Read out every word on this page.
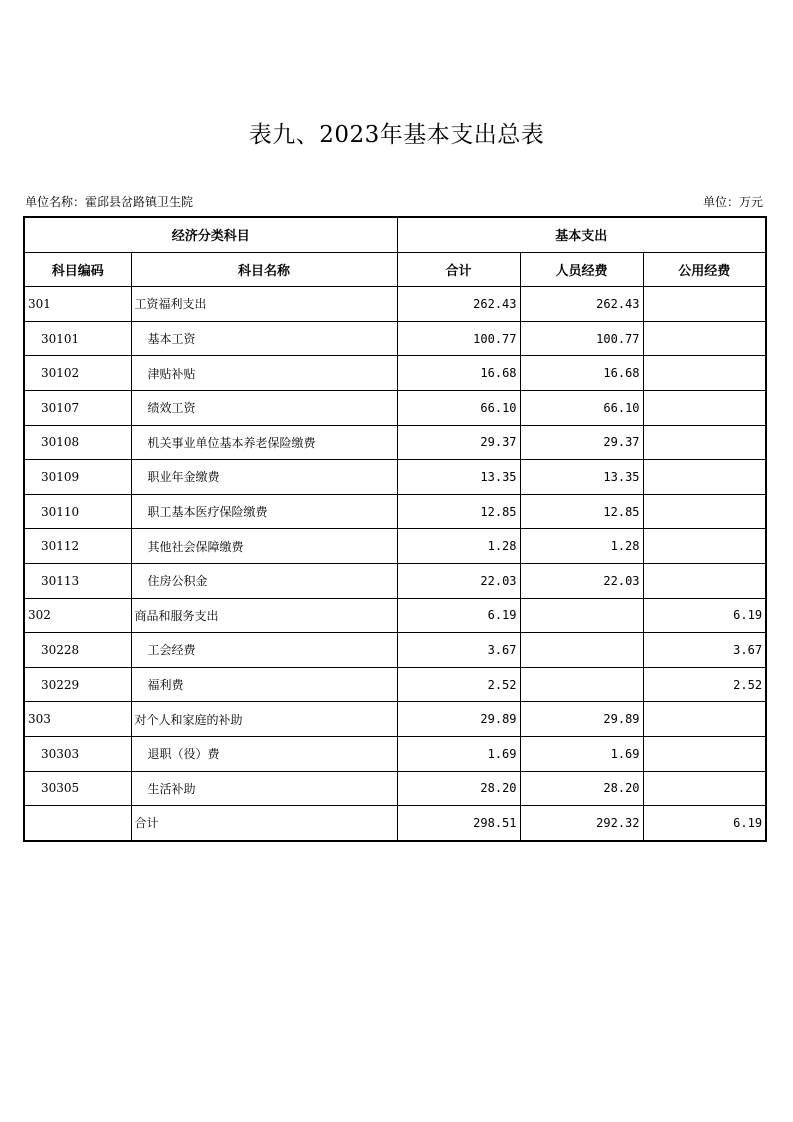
表九、2023年基本支出总表
单位名称：霍邱县岔路镇卫生院	单位：万元
经济分类科目		基本支出		
科目编码	科目名称	合计	人员经费	公用经费
301	工资福利支出	262.43	262.43	
30101	基本工资	100.77	100.77	
30102	津贴补贴	16.68	16.68	
30107	绩效工资	66.10	66.10	
30108	机关事业单位基本养老保险缴费	29.37	29.37	
30109	职业年金缴费	13.35	13.35	
30110	职工基本医疗保险缴费	12.85	12.85	
30112	其他社会保障缴费	1.28	1.28	
30113	住房公积金	22.03	22.03	
302	商品和服务支出	6.19		6.19
30228	工会经费	3.67		3.67
30229	福利费	2.52		2.52
303	对个人和家庭的补助	29.89	29.89	
30303	退职（役）费	1.69	1.69	
30305	生活补助	28.20	28.20	
	合计	298.51	292.32	6.19
